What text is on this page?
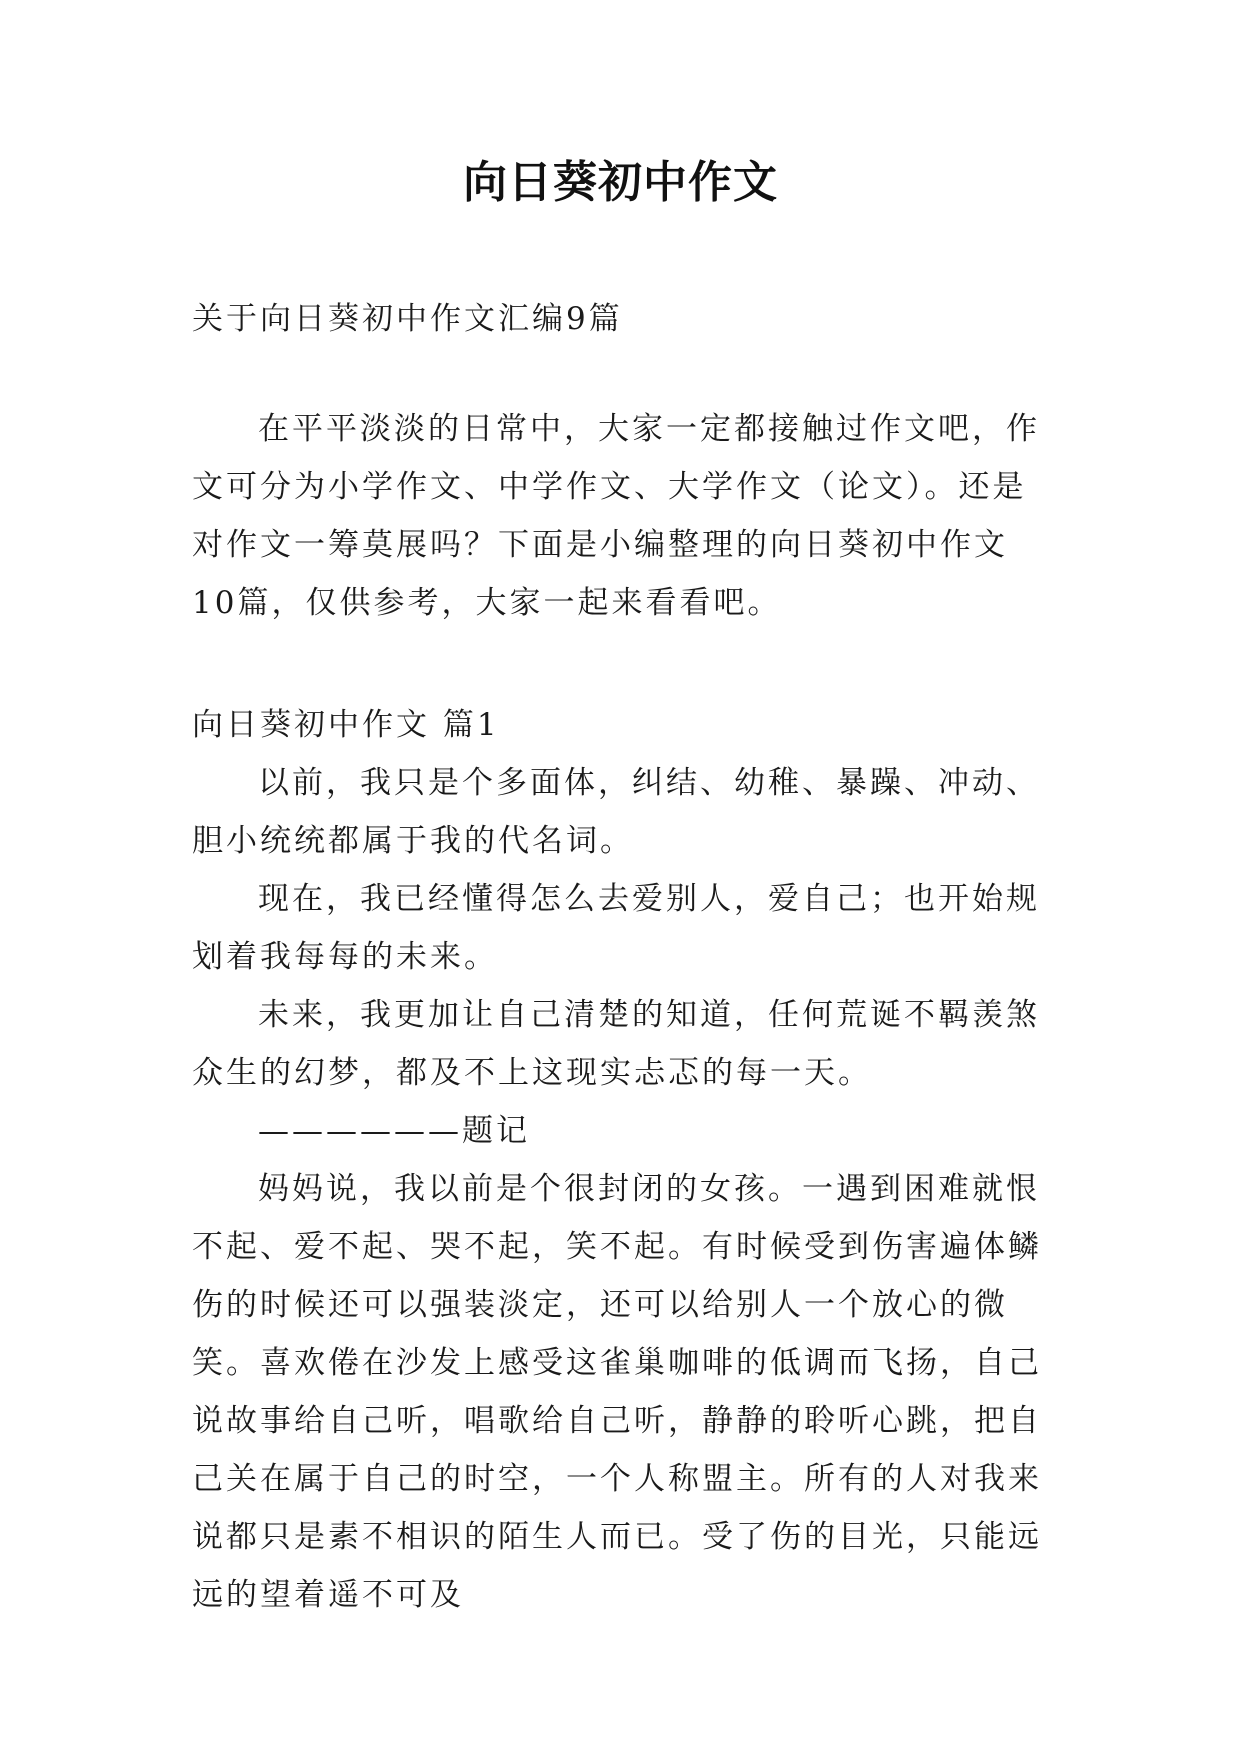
向日葵初中作文
关于向日葵初中作文汇编9篇

在平平淡淡的日常中，大家一定都接触过作文吧，作文可分为小学作文、中学作文、大学作文（论文）。还是对作文一筹莫展吗？下面是小编整理的向日葵初中作文10篇，仅供参考，大家一起来看看吧。

向日葵初中作文 篇1

以前，我只是个多面体，纠结、幼稚、暴躁、冲动、胆小统统都属于我的代名词。

现在，我已经懂得怎么去爱别人，爱自己；也开始规划着我每每的未来。

未来，我更加让自己清楚的知道，任何荒诞不羁羡煞众生的幻梦，都及不上这现实忐忑的每一天。

——————题记

妈妈说，我以前是个很封闭的女孩。一遇到困难就恨不起、爱不起、哭不起，笑不起。有时候受到伤害遍体鳞伤的时候还可以强装淡定，还可以给别人一个放心的微笑。喜欢倦在沙发上感受这雀巢咖啡的低调而飞扬，自己说故事给自己听，唱歌给自己听，静静的聆听心跳，把自己关在属于自己的时空，一个人称盟主。所有的人对我来说都只是素不相识的陌生人而已。受了伤的目光，只能远远的望着遥不可及
